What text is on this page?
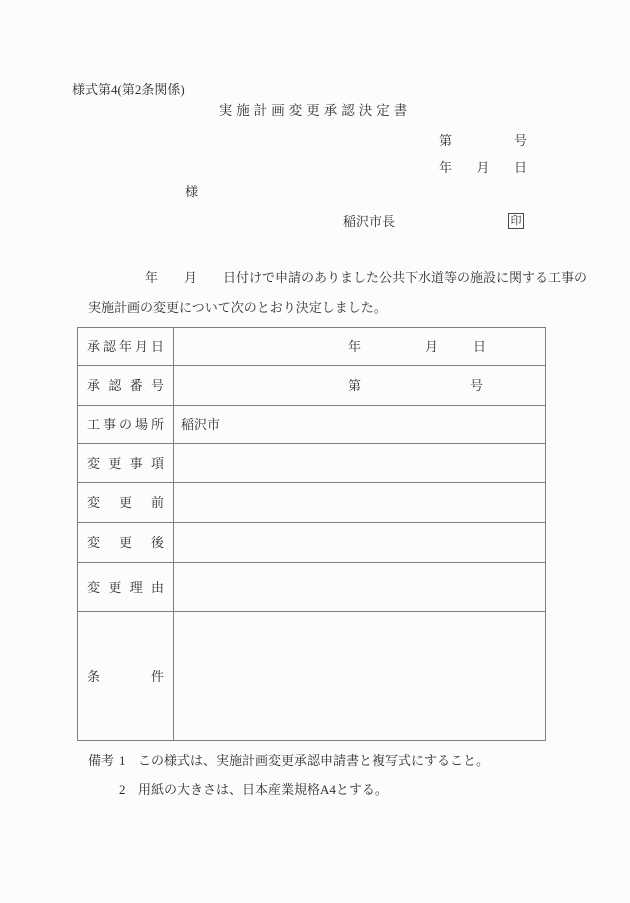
様式第4(第2条関係)
実施計画変更承認決定書
第	号
年 月 日
様
稲沢市長	印
年　　月　　日付けで申請のありました公共下水道等の施設に関する工事の
実施計画の変更について次のとおり決定しました。
承 認 年 月 日	年 月 日

承 認 番 号	第 号

工 事 の 場 所	稲沢市

変 更 事 項	

変 更 前	

変 更 後	

変 更 理 由	

条 件	

備考 1 この様式は、実施計画変更承認申請書と複写式にすること。
2 用紙の大きさは、日本産業規格A4とする。
